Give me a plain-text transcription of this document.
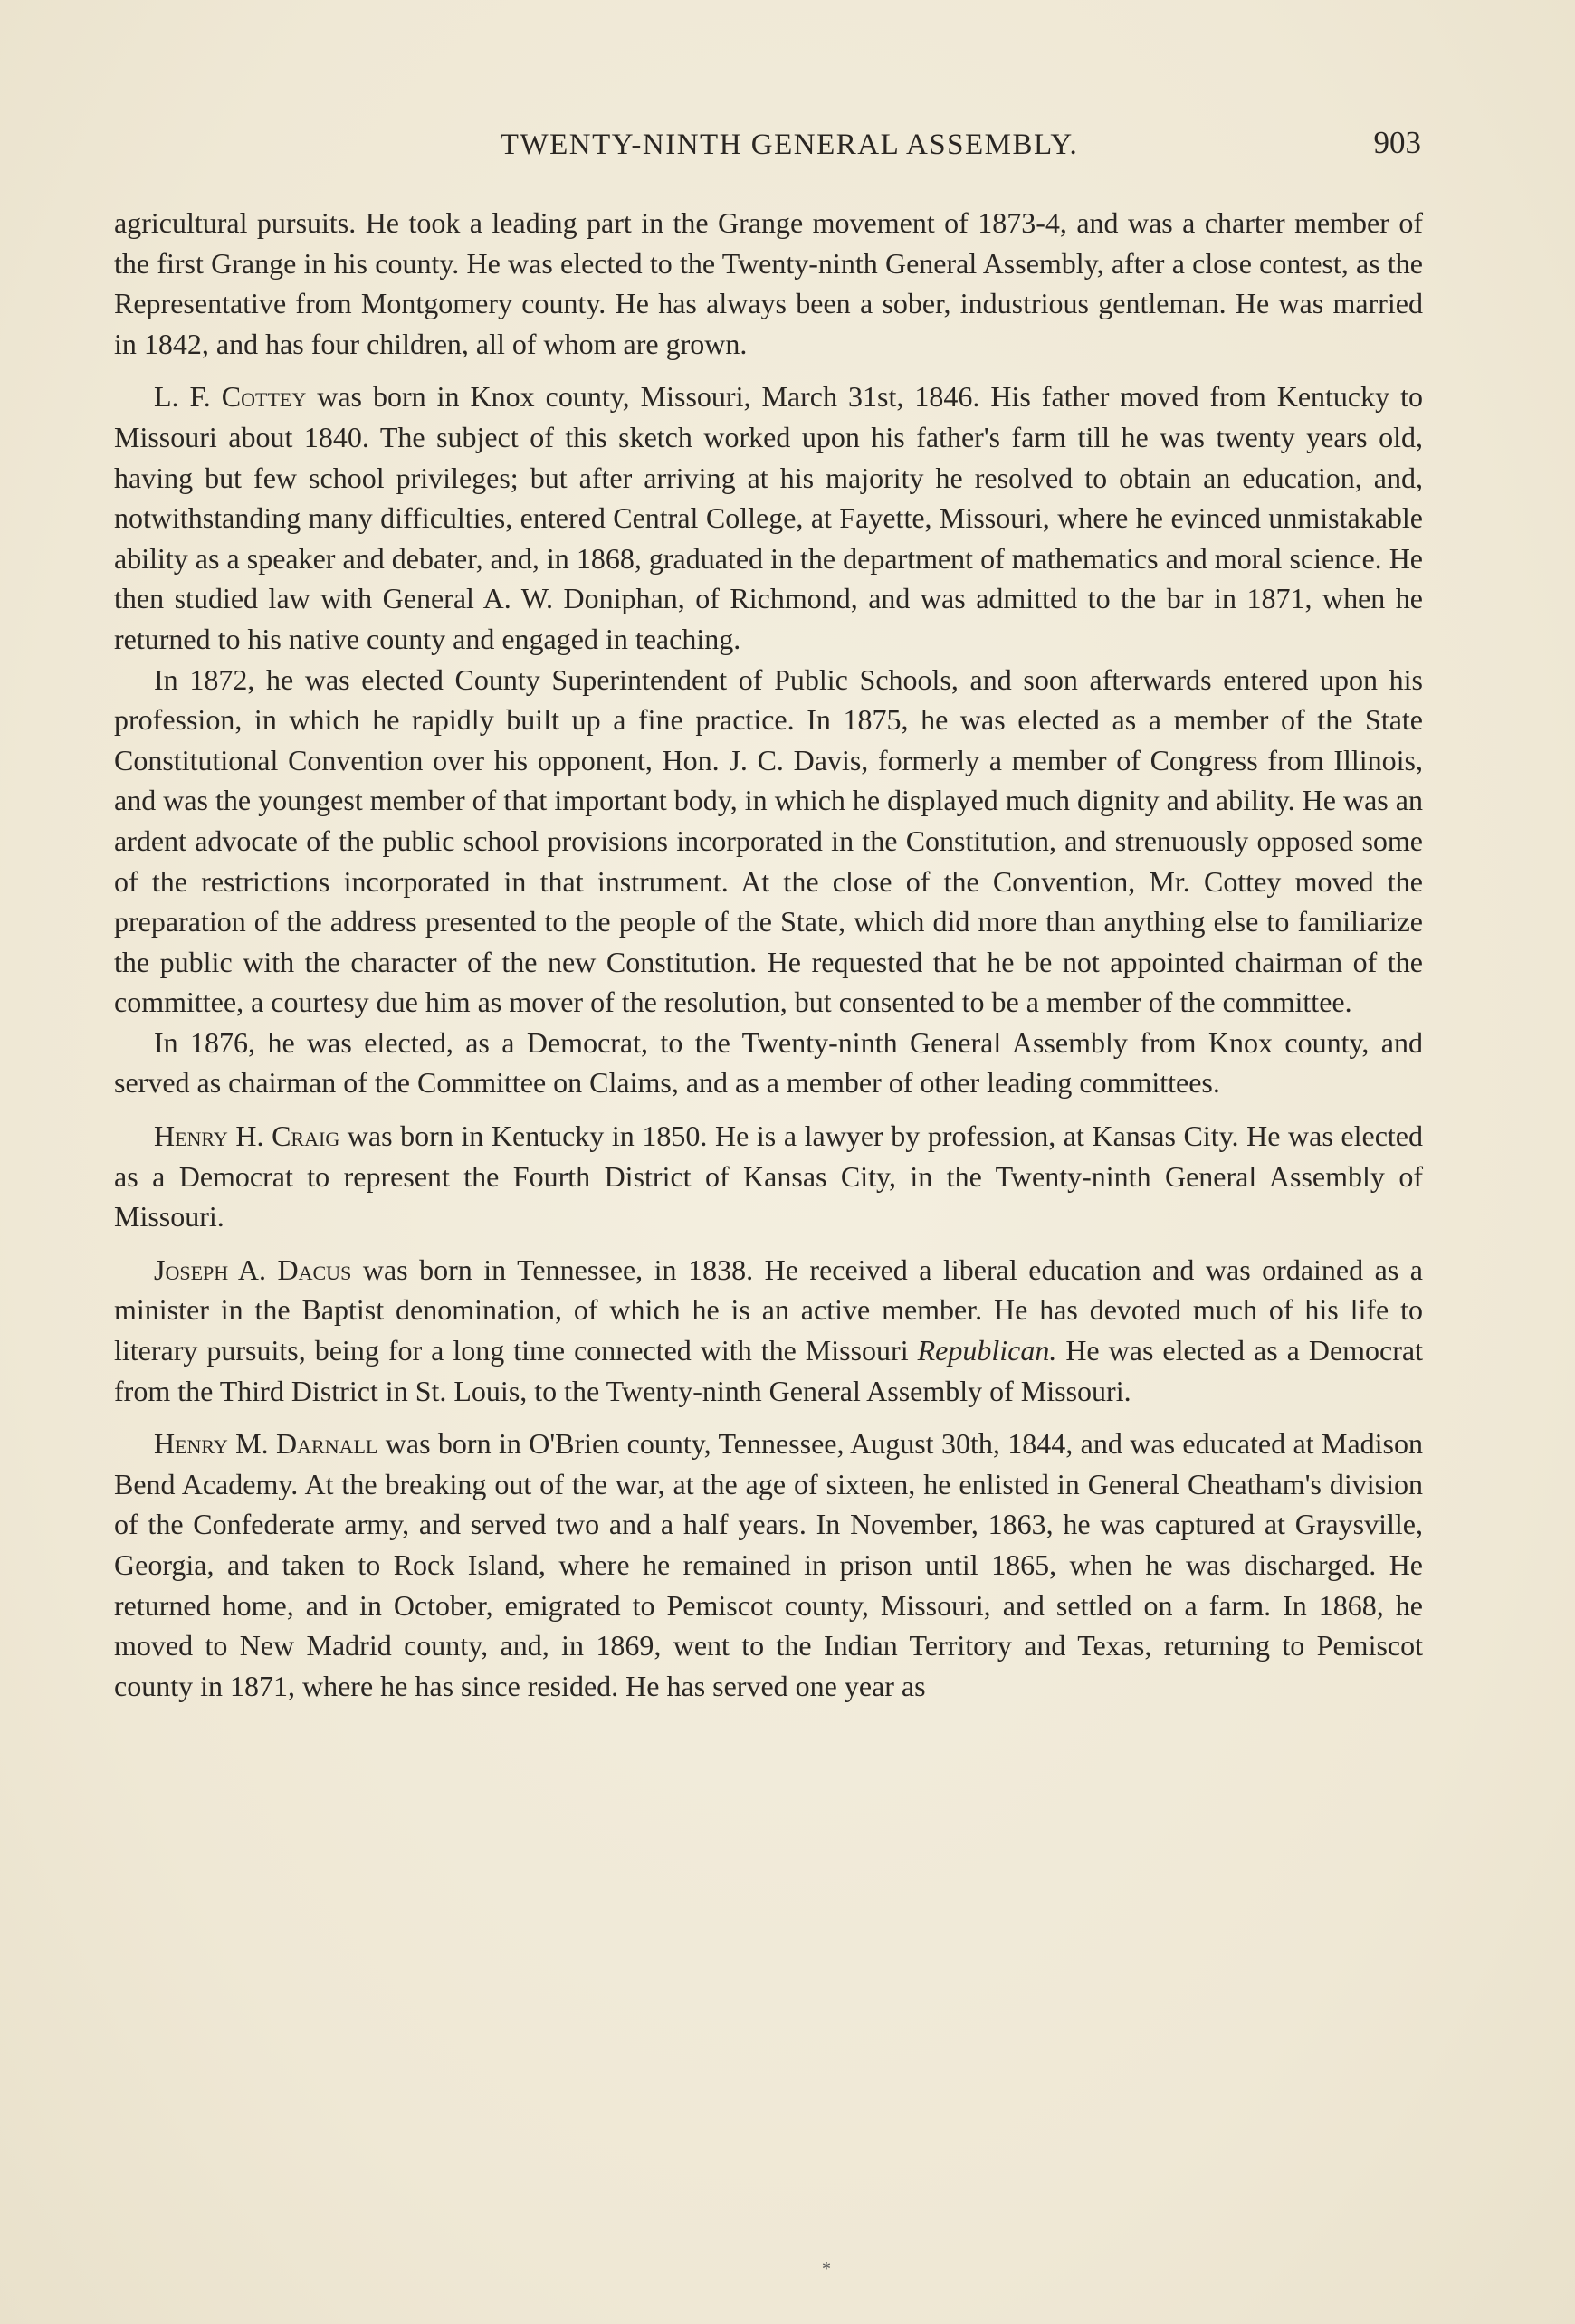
TWENTY-NINTH GENERAL ASSEMBLY.	903

agricultural pursuits. He took a leading part in the Grange movement of 1873-4, and was a charter member of the first Grange in his county. He was elected to the Twenty-ninth General Assembly, after a close contest, as the Representative from Montgomery county. He has always been a sober, industrious gentleman. He was married in 1842, and has four children, all of whom are grown.

L. F. Cottey was born in Knox county, Missouri, March 31st, 1846. His father moved from Kentucky to Missouri about 1840. The subject of this sketch worked upon his father's farm till he was twenty years old, having but few school privileges; but after arriving at his majority he resolved to obtain an education, and, notwithstanding many difficulties, entered Central College, at Fayette, Missouri, where he evinced unmistakable ability as a speaker and debater, and, in 1868, graduated in the department of mathematics and moral science. He then studied law with General A. W. Doniphan, of Richmond, and was admitted to the bar in 1871, when he returned to his native county and engaged in teaching.

In 1872, he was elected County Superintendent of Public Schools, and soon afterwards entered upon his profession, in which he rapidly built up a fine practice. In 1875, he was elected as a member of the State Constitutional Convention over his opponent, Hon. J. C. Davis, formerly a member of Congress from Illinois, and was the youngest member of that important body, in which he displayed much dignity and ability. He was an ardent advocate of the public school provisions incorporated in the Constitution, and strenuously opposed some of the restrictions incorporated in that instrument. At the close of the Convention, Mr. Cottey moved the preparation of the address presented to the people of the State, which did more than anything else to familiarize the public with the character of the new Constitution. He requested that he be not appointed chairman of the committee, a courtesy due him as mover of the resolution, but consented to be a member of the committee.

In 1876, he was elected, as a Democrat, to the Twenty-ninth General Assembly from Knox county, and served as chairman of the Committee on Claims, and as a member of other leading committees.

Henry H. Craig was born in Kentucky in 1850. He is a lawyer by profession, at Kansas City. He was elected as a Democrat to represent the Fourth District of Kansas City, in the Twenty-ninth General Assembly of Missouri.

Joseph A. Dacus was born in Tennessee, in 1838. He received a liberal education and was ordained as a minister in the Baptist denomination, of which he is an active member. He has devoted much of his life to literary pursuits, being for a long time connected with the Missouri Republican. He was elected as a Democrat from the Third District in St. Louis, to the Twenty-ninth General Assembly of Missouri.

Henry M. Darnall was born in O'Brien county, Tennessee, August 30th, 1844, and was educated at Madison Bend Academy. At the breaking out of the war, at the age of sixteen, he enlisted in General Cheatham's division of the Confederate army, and served two and a half years. In November, 1863, he was captured at Graysville, Georgia, and taken to Rock Island, where he remained in prison until 1865, when he was discharged. He returned home, and in October, emigrated to Pemiscot county, Missouri, and settled on a farm. In 1868, he moved to New Madrid county, and, in 1869, went to the Indian Territory and Texas, returning to Pemiscot county in 1871, where he has since resided. He has served one year as

*
